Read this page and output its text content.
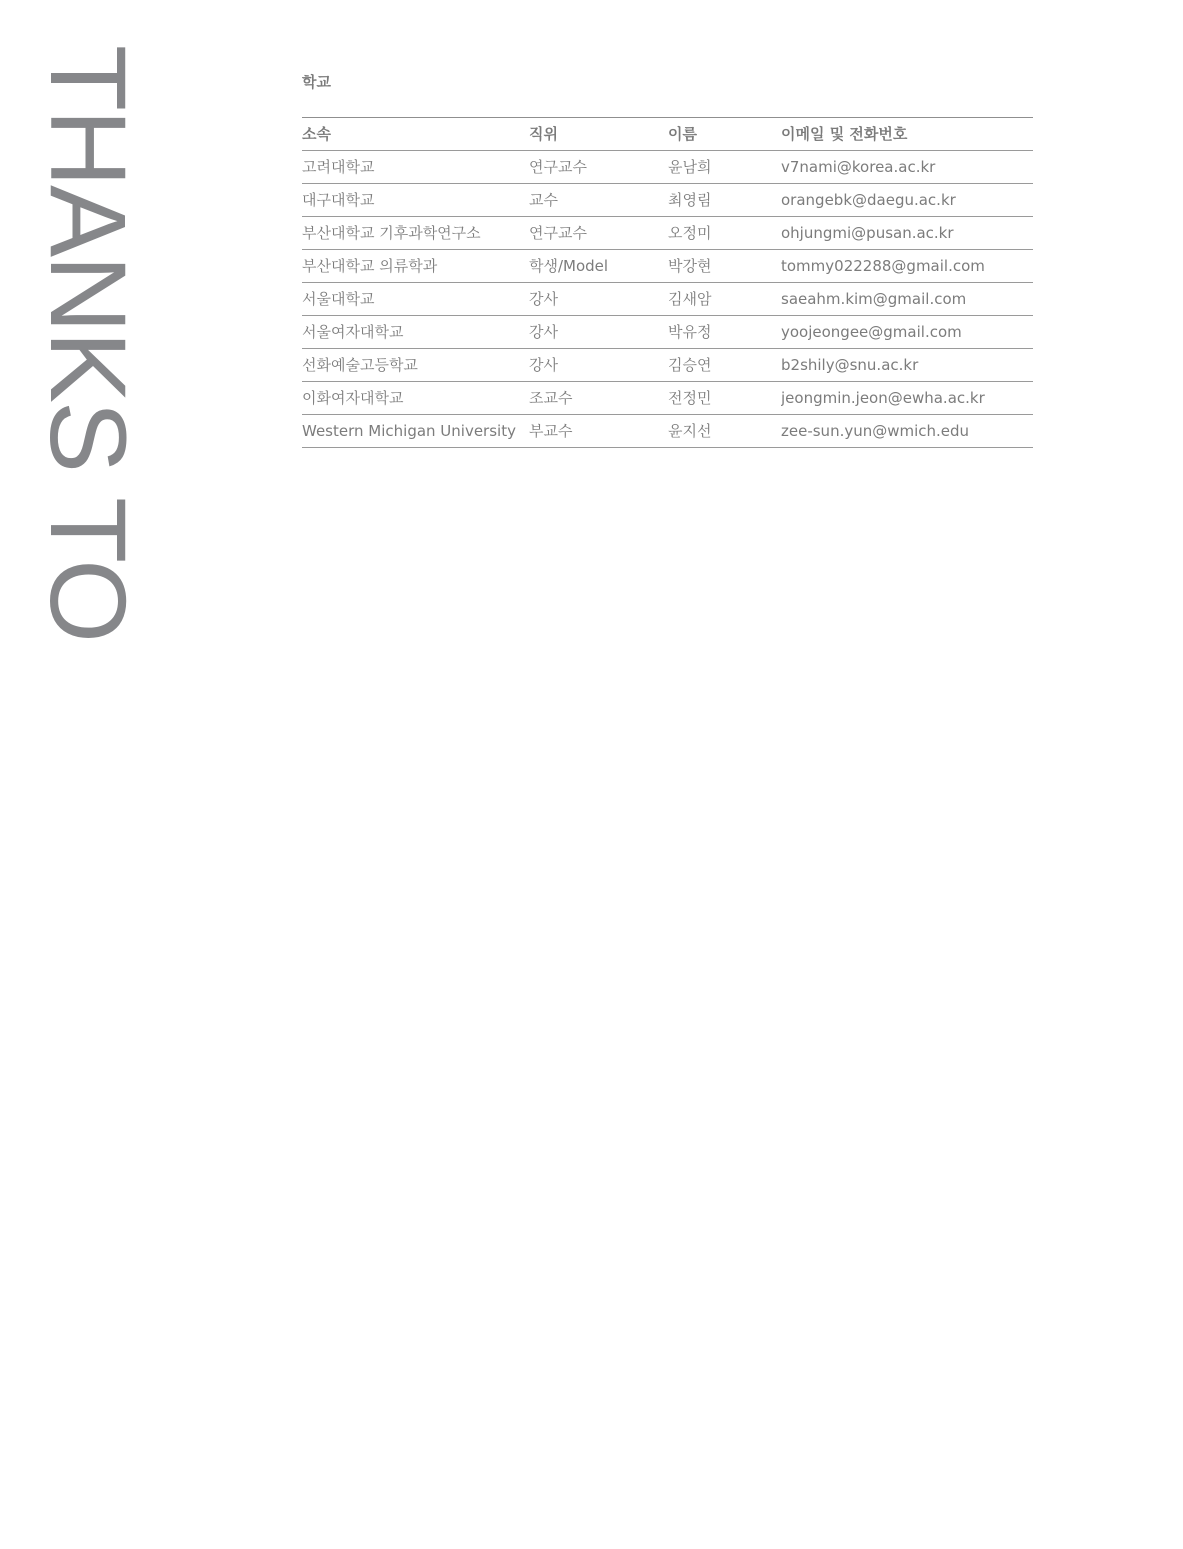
THANKS TO	학교
소속	직위	이름	이메일 및 전화번호
고려대학교	연구교수	윤남희	v7nami@korea.ac.kr
대구대학교	교수	최영림	orangebk@daegu.ac.kr
부산대학교 기후과학연구소	연구교수	오정미	ohjungmi@pusan.ac.kr
부산대학교 의류학과	학생/Model	박강현	tommy022288@gmail.com
서울대학교	강사	김새암	saeahm.kim@gmail.com
서울여자대학교	강사	박유정	yoojeongee@gmail.com
선화예술고등학교	강사	김승연	b2shily@snu.ac.kr
이화여자대학교	조교수	전정민	jeongmin.jeon@ewha.ac.kr
Western Michigan University	부교수	윤지선	zee-sun.yun@wmich.edu
